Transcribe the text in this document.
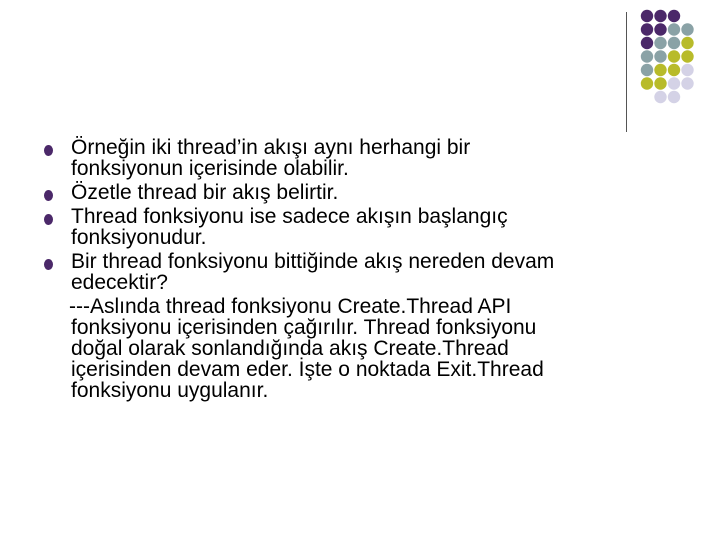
Örneğin iki thread’in akışı aynı herhangi bir
fonksiyonun içerisinde olabilir.
Özetle thread bir akış belirtir.
Thread fonksiyonu ise sadece akışın başlangıç
fonksiyonudur.
Bir thread fonksiyonu bittiğinde akış nereden devam
edecektir?
---Aslında thread fonksiyonu Create.Thread API
fonksiyonu içerisinden çağırılır. Thread fonksiyonu
doğal olarak sonlandığında akış Create.Thread
içerisinden devam eder. İşte o noktada Exit.Thread
fonksiyonu uygulanır.
